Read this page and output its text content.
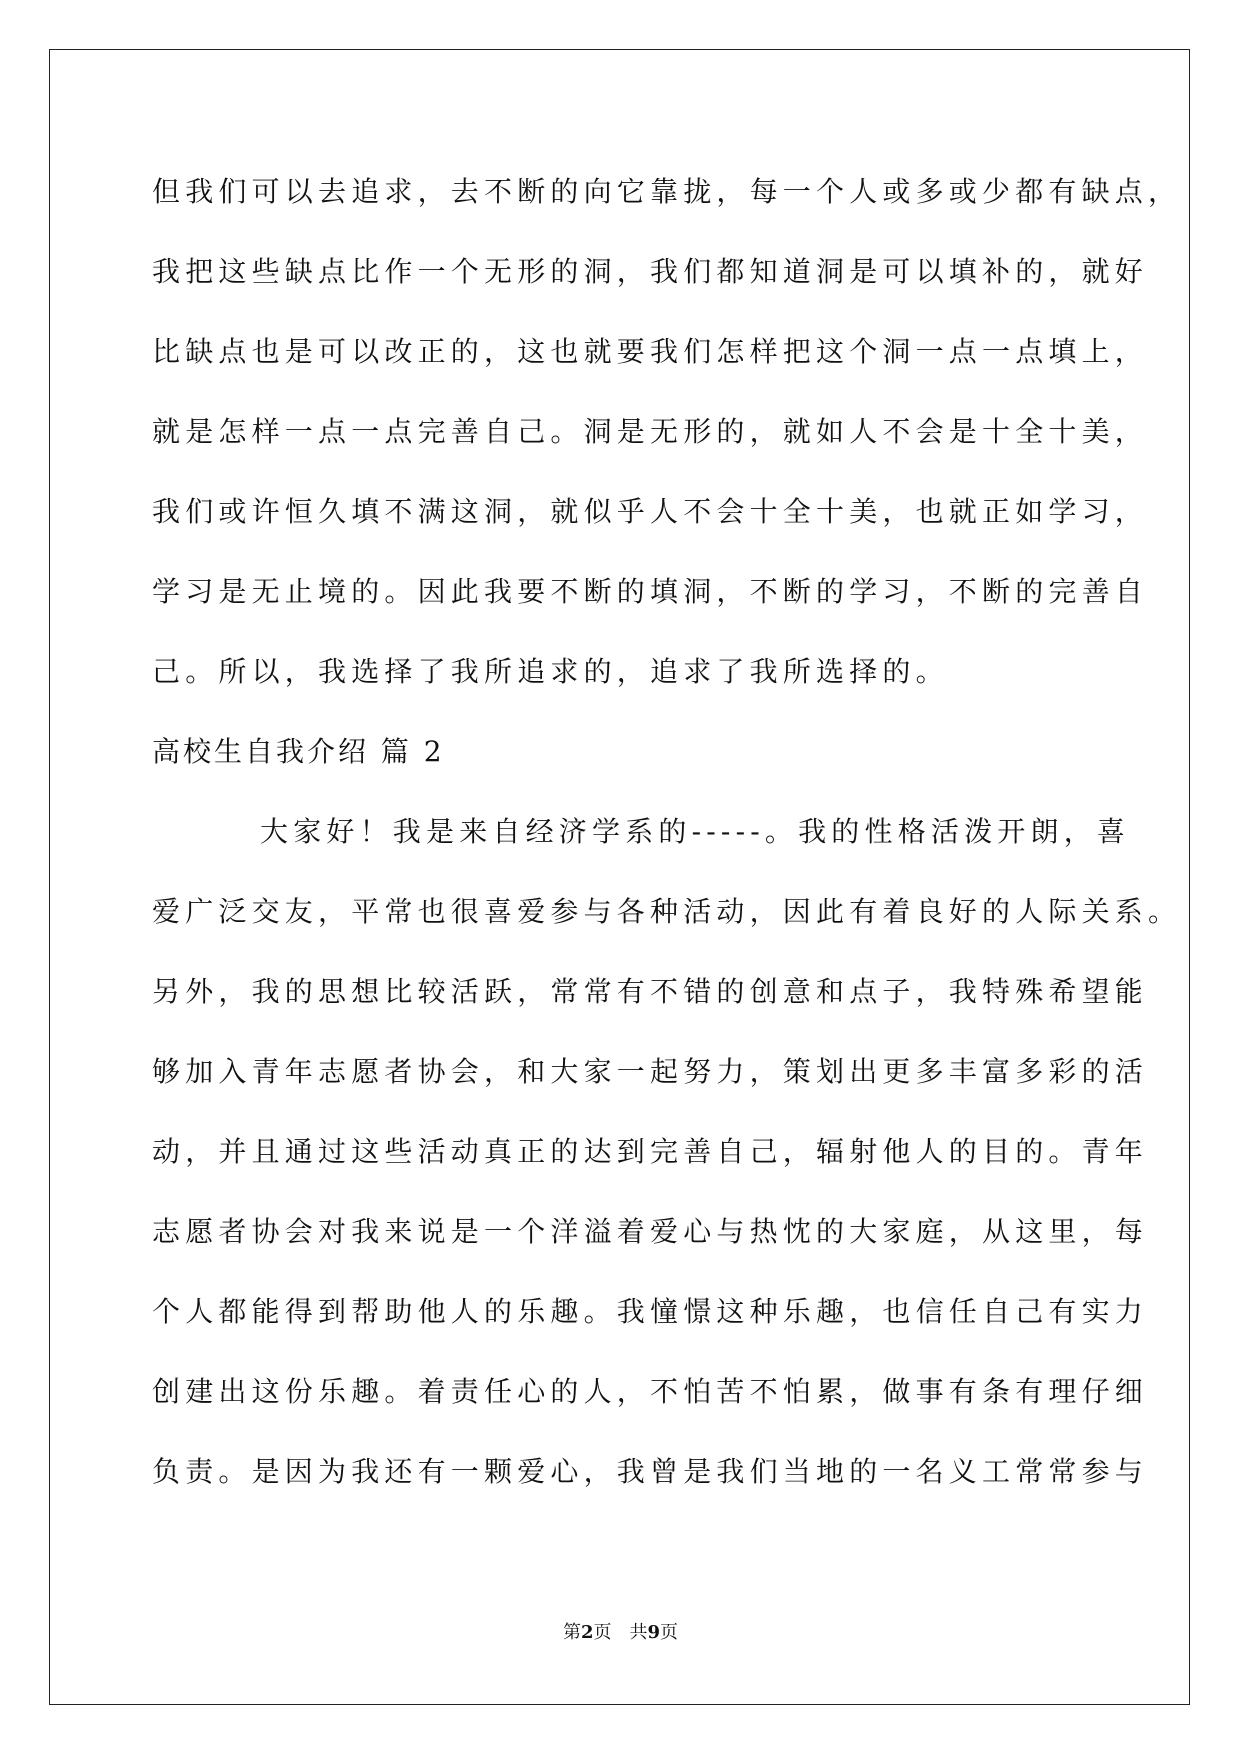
但我们可以去追求，去不断的向它靠拢，每一个人或多或少都有缺点，
我把这些缺点比作一个无形的洞，我们都知道洞是可以填补的，就好
比缺点也是可以改正的，这也就要我们怎样把这个洞一点一点填上，
就是怎样一点一点完善自己。洞是无形的，就如人不会是十全十美，
我们或许恒久填不满这洞，就似乎人不会十全十美，也就正如学习，
学习是无止境的。因此我要不断的填洞，不断的学习，不断的完善自
己。所以，我选择了我所追求的，追求了我所选择的。
高校生自我介绍 篇 2
大家好！我是来自经济学系的-----。我的性格活泼开朗，喜
爱广泛交友，平常也很喜爱参与各种活动，因此有着良好的人际关系。
另外，我的思想比较活跃，常常有不错的创意和点子，我特殊希望能
够加入青年志愿者协会，和大家一起努力，策划出更多丰富多彩的活
动，并且通过这些活动真正的达到完善自己，辐射他人的目的。青年
志愿者协会对我来说是一个洋溢着爱心与热忱的大家庭，从这里，每
个人都能得到帮助他人的乐趣。我憧憬这种乐趣，也信任自己有实力
创建出这份乐趣。着责任心的人，不怕苦不怕累，做事有条有理仔细
负责。是因为我还有一颗爱心，我曾是我们当地的一名义工常常参与
第2页 共9页
